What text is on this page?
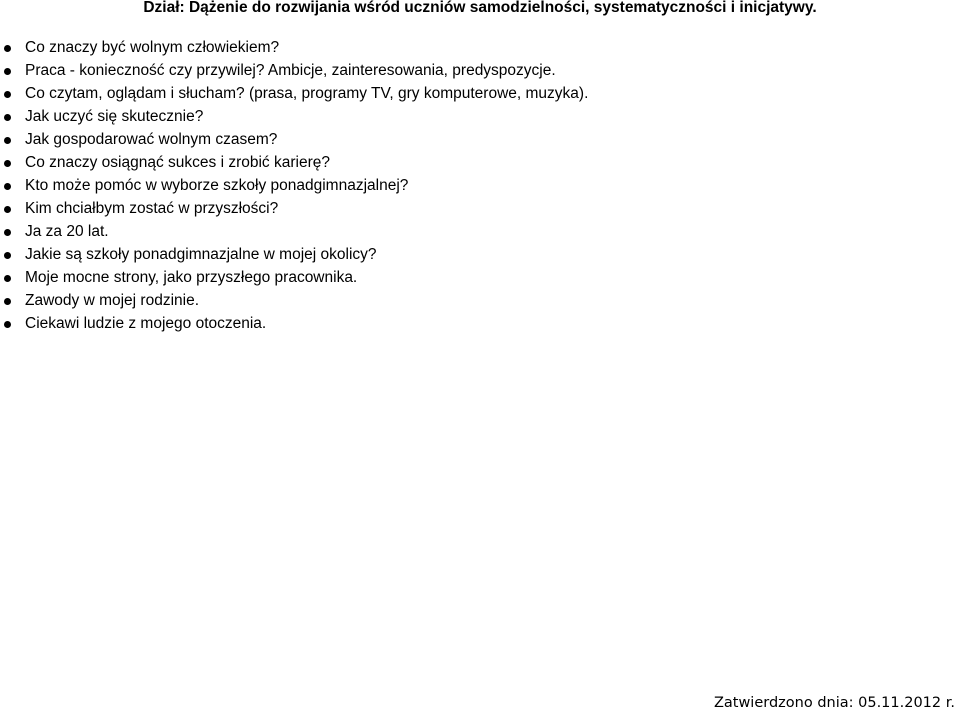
Dział: Dążenie do rozwijania wśród uczniów samodzielności, systematyczności i inicjatywy.
Co znaczy być wolnym człowiekiem?
Praca - konieczność czy przywilej? Ambicje, zainteresowania, predyspozycje.
Co czytam, oglądam i słucham? (prasa, programy TV, gry komputerowe, muzyka).
Jak uczyć się skutecznie?
Jak gospodarować wolnym czasem?
Co znaczy osiągnąć sukces i zrobić karierę?
Kto może pomóc w wyborze szkoły ponadgimnazjalnej?
Kim chciałbym zostać w przyszłości?
Ja za 20 lat.
Jakie są szkoły ponadgimnazjalne w mojej okolicy?
Moje mocne strony, jako przyszłego pracownika.
Zawody w mojej rodzinie.
Ciekawi ludzie z mojego otoczenia.
Zatwierdzono dnia: 05.11.2012 r.
